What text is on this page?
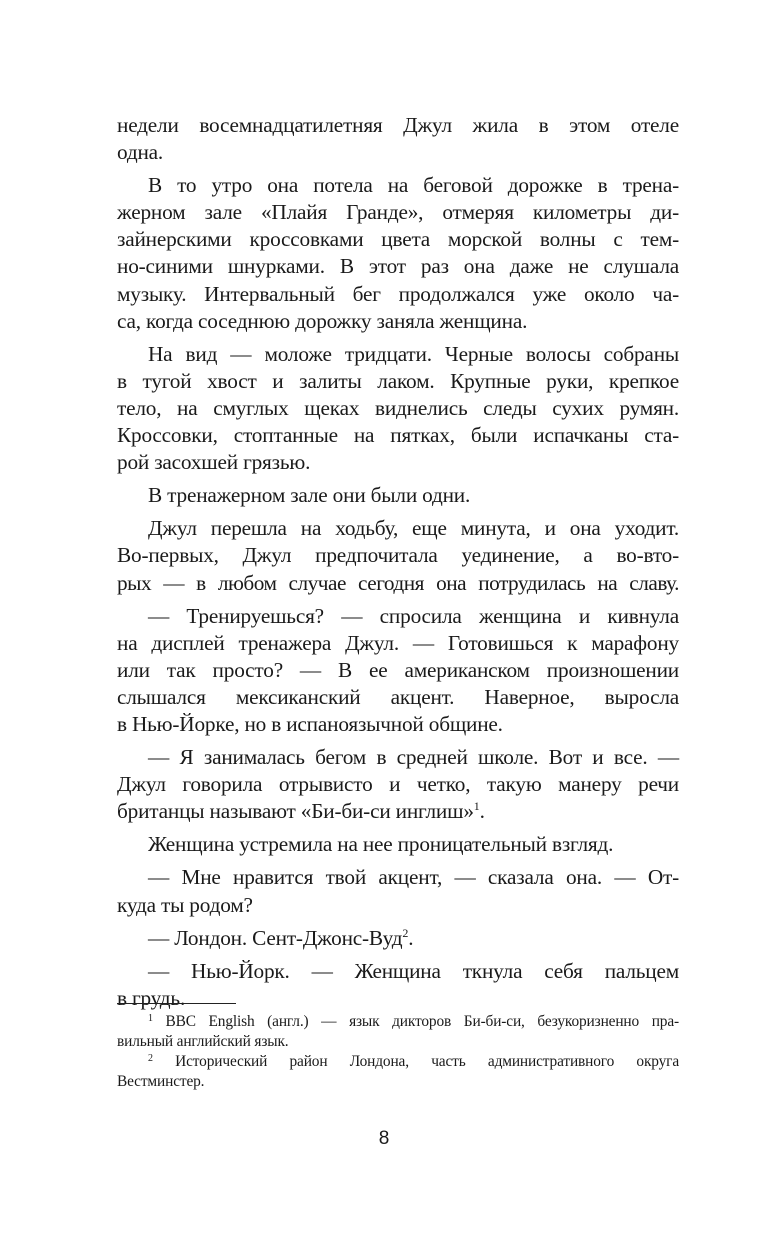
недели восемнадцатилетняя Джул жила в этом отеле
одна.

В то утро она потела на беговой дорожке в трена-
жерном зале «Плайя Гранде», отмеряя километры ди-
зайнерскими кроссовками цвета морской волны с тем-
но-синими шнурками. В этот раз она даже не слушала
музыку. Интервальный бег продолжался уже около ча-
са, когда соседнюю дорожку заняла женщина.

На вид — моложе тридцати. Черные волосы собраны
в тугой хвост и залиты лаком. Крупные руки, крепкое
тело, на смуглых щеках виднелись следы сухих румян.
Кроссовки, стоптанные на пятках, были испачканы ста-
рой засохшей грязью.

В тренажерном зале они были одни.

Джул перешла на ходьбу, еще минута, и она уходит.
Во-первых, Джул предпочитала уединение, а во-вто-
рых — в любом случае сегодня она потрудилась на славу.

— Тренируешься? — спросила женщина и кивнула
на дисплей тренажера Джул. — Готовишься к марафону
или так просто? — В ее американском произношении
слышался мексиканский акцент. Наверное, выросла
в Нью-Йорке, но в испаноязычной общине.

— Я занималась бегом в средней школе. Вот и все. —
Джул говорила отрывисто и четко, такую манеру речи
британцы называют «Би-би-си инглиш»$^1$.

Женщина устремила на нее проницательный взгляд.

— Мне нравится твой акцент, — сказала она. — От-
куда ты родом?

— Лондон. Сент-Джонс-Вуд$^2$.

— Нью-Йорк. — Женщина ткнула себя пальцем
в грудь.

$^1$ BBC English (англ.) — язык дикторов Би-би-си, безукоризненно пра-
вильный английский язык.
$^2$ Исторический район Лондона, часть административного округа
Вестминстер.
8
